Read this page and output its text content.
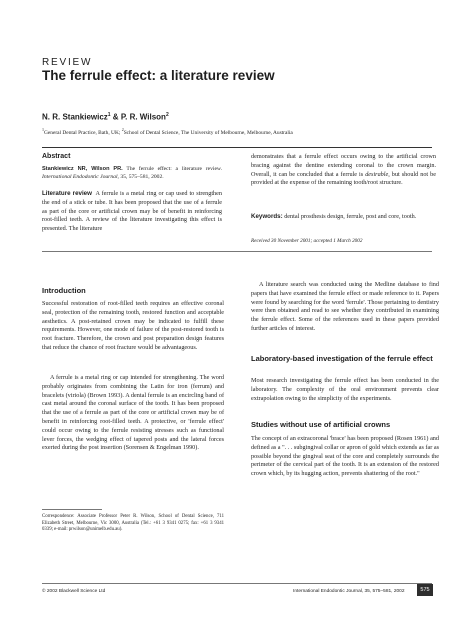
REVIEW
The ferrule effect: a literature review
N. R. Stankiewicz$^1$ & P. R. Wilson$^2$
$^1$General Dental Practice, Bath, UK; $^2$School of Dental Science, The University of Melbourne, Melbourne, Australia
Abstract
Stankiewicz NR, Wilson PR. The ferrule effect: a literature review. International Endodontic Journal, 35, 575–581, 2002.
Literature review  A ferrule is a metal ring or cap used to strengthen the end of a stick or tube. It has been proposed that the use of a ferrule as part of the core or artificial crown may be of benefit in reinforcing root-filled teeth. A review of the literature investigating this effect is presented. The literature
demonstrates that a ferrule effect occurs owing to the artificial crown bracing against the dentine extending coronal to the crown margin. Overall, it can be concluded that a ferrule is desirable, but should not be provided at the expense of the remaining tooth/root structure.
Keywords: dental prosthesis design, ferrule, post and core, tooth.
Received 30 November 2001; accepted 1 March 2002
Introduction
Successful restoration of root-filled teeth requires an effective coronal seal, protection of the remaining tooth, restored function and acceptable aesthetics. A post-retained crown may be indicated to fulfill these requirements. However, one mode of failure of the post-restored tooth is root fracture. Therefore, the crown and post preparation design features that reduce the chance of root fracture would be advantageous.
A ferrule is a metal ring or cap intended for strengthening. The word probably originates from combining the Latin for iron (ferrum) and bracelets (viriola) (Brown 1993). A dental ferrule is an encircling band of cast metal around the coronal surface of the tooth. It has been proposed that the use of a ferrule as part of the core or artificial crown may be of benefit in reinforcing root-filled teeth. A protective, or 'ferrule effect' could occur owing to the ferrule resisting stresses such as functional lever forces, the wedging effect of tapered posts and the lateral forces exerted during the post insertion (Sorensen & Engelman 1990).
Correspondence: Associate Professor Peter R. Wilson, School of Dental Science, 711 Elizabeth Street, Melbourne, Vic 3000, Australia (Tel.: +61 3 9341 0275; fax: +61 3 9341 0339; e-mail: prwilson@unimelb.edu.au).
A literature search was conducted using the Medline database to find papers that have examined the ferrule effect or made reference to it. Papers were found by searching for the word 'ferrule'. Those pertaining to dentistry were then obtained and read to see whether they contributed in examining the ferrule effect. Some of the references used in these papers provided further articles of interest.
Laboratory-based investigation of the ferrule effect
Most research investigating the ferrule effect has been conducted in the laboratory. The complexity of the oral environment prevents clear extrapolation owing to the simplicity of the experiments.
Studies without use of artificial crowns
The concept of an extracoronal 'brace' has been proposed (Rosen 1961) and defined as a ". . . subgingival collar or apron of gold which extends as far as possible beyond the gingival seat of the core and completely surrounds the perimeter of the cervical part of the tooth. It is an extension of the restored crown which, by its hugging action, prevents shattering of the root."
© 2002 Blackwell Science Ltd	International Endodontic Journal, 35, 575–581, 2002	575
